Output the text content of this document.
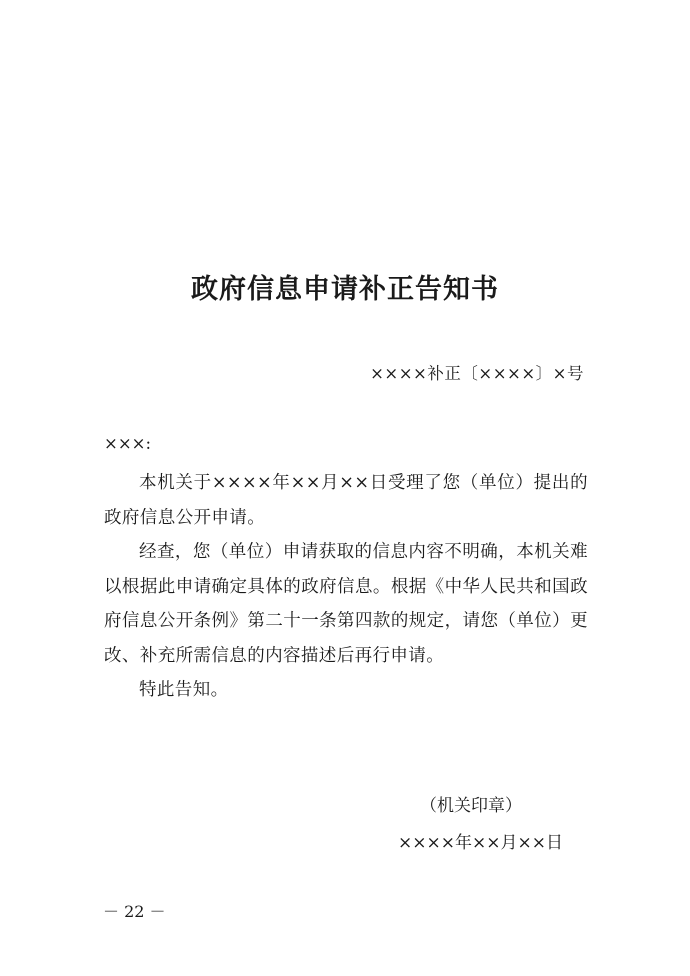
政府信息申请补正告知书
××××补正〔××××〕×号
×××:

本机关于××××年××月××日受理了您（单位）提出的政府信息公开申请。

经查，您（单位）申请获取的信息内容不明确，本机关难以根据此申请确定具体的政府信息。根据《中华人民共和国政府信息公开条例》第二十一条第四款的规定，请您（单位）更改、补充所需信息的内容描述后再行申请。

特此告知。

（机关印章）
××××年××月××日
－ 22 －
